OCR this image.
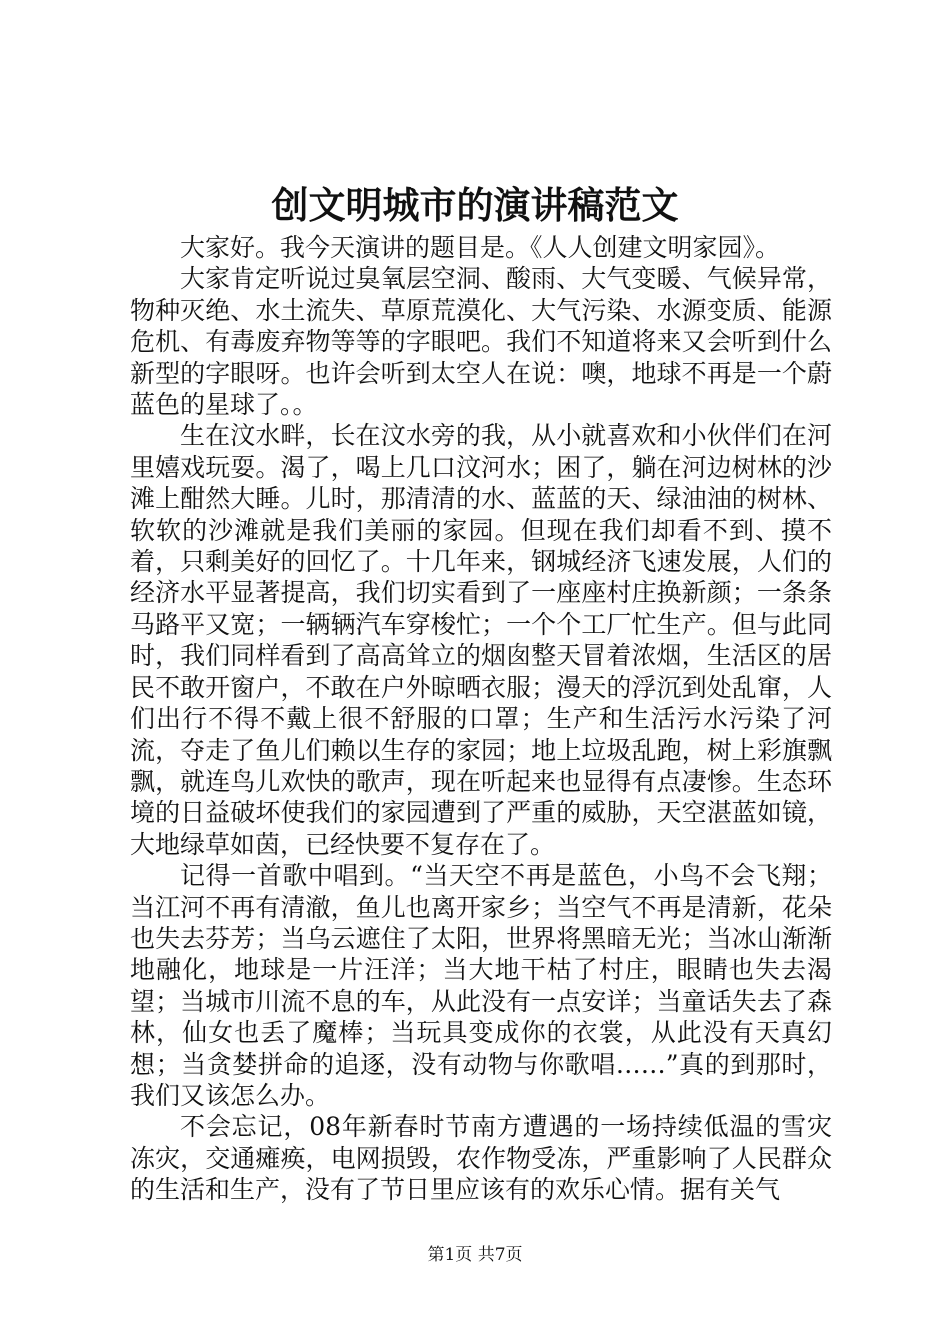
创文明城市的演讲稿范文

大家好。我今天演讲的题目是。《人人创建文明家园》。

大家肯定听说过臭氧层空洞、酸雨、大气变暖、气候异常，物种灭绝、水土流失、草原荒漠化、大气污染、水源变质、能源危机、有毒废弃物等等的字眼吧。我们不知道将来又会听到什么新型的字眼呀。也许会听到太空人在说：噢，地球不再是一个蔚蓝色的星球了。。

生在汶水畔，长在汶水旁的我，从小就喜欢和小伙伴们在河里嬉戏玩耍。渴了，喝上几口汶河水；困了，躺在河边树林的沙滩上酣然大睡。儿时，那清清的水、蓝蓝的天、绿油油的树林、软软的沙滩就是我们美丽的家园。但现在我们却看不到、摸不着，只剩美好的回忆了。十几年来，钢城经济飞速发展，人们的经济水平显著提高，我们切实看到了一座座村庄换新颜；一条条马路平又宽；一辆辆汽车穿梭忙；一个个工厂忙生产。但与此同时，我们同样看到了高高耸立的烟囱整天冒着浓烟，生活区的居民不敢开窗户，不敢在户外晾晒衣服；漫天的浮沉到处乱窜，人们出行不得不戴上很不舒服的口罩；生产和生活污水污染了河流，夺走了鱼儿们赖以生存的家园；地上垃圾乱跑，树上彩旗飘飘，就连鸟儿欢快的歌声，现在听起来也显得有点凄惨。生态环境的日益破坏使我们的家园遭到了严重的威胁，天空湛蓝如镜，大地绿草如茵，已经快要不复存在了。

记得一首歌中唱到。“当天空不再是蓝色，小鸟不会飞翔；当江河不再有清澈，鱼儿也离开家乡；当空气不再是清新，花朵也失去芬芳；当乌云遮住了太阳，世界将黑暗无光；当冰山渐渐地融化，地球是一片汪洋；当大地干枯了村庄，眼睛也失去渴望；当城市川流不息的车，从此没有一点安详；当童话失去了森林，仙女也丢了魔棒；当玩具变成你的衣裳，从此没有天真幻想；当贪婪拼命的追逐，没有动物与你歌唱……”真的到那时，我们又该怎么办。

不会忘记，08年新春时节南方遭遇的一场持续低温的雪灾冻灾，交通瘫痪，电网损毁，农作物受冻，严重影响了人民群众的生活和生产，没有了节日里应该有的欢乐心情。据有关气

第1页 共7页
